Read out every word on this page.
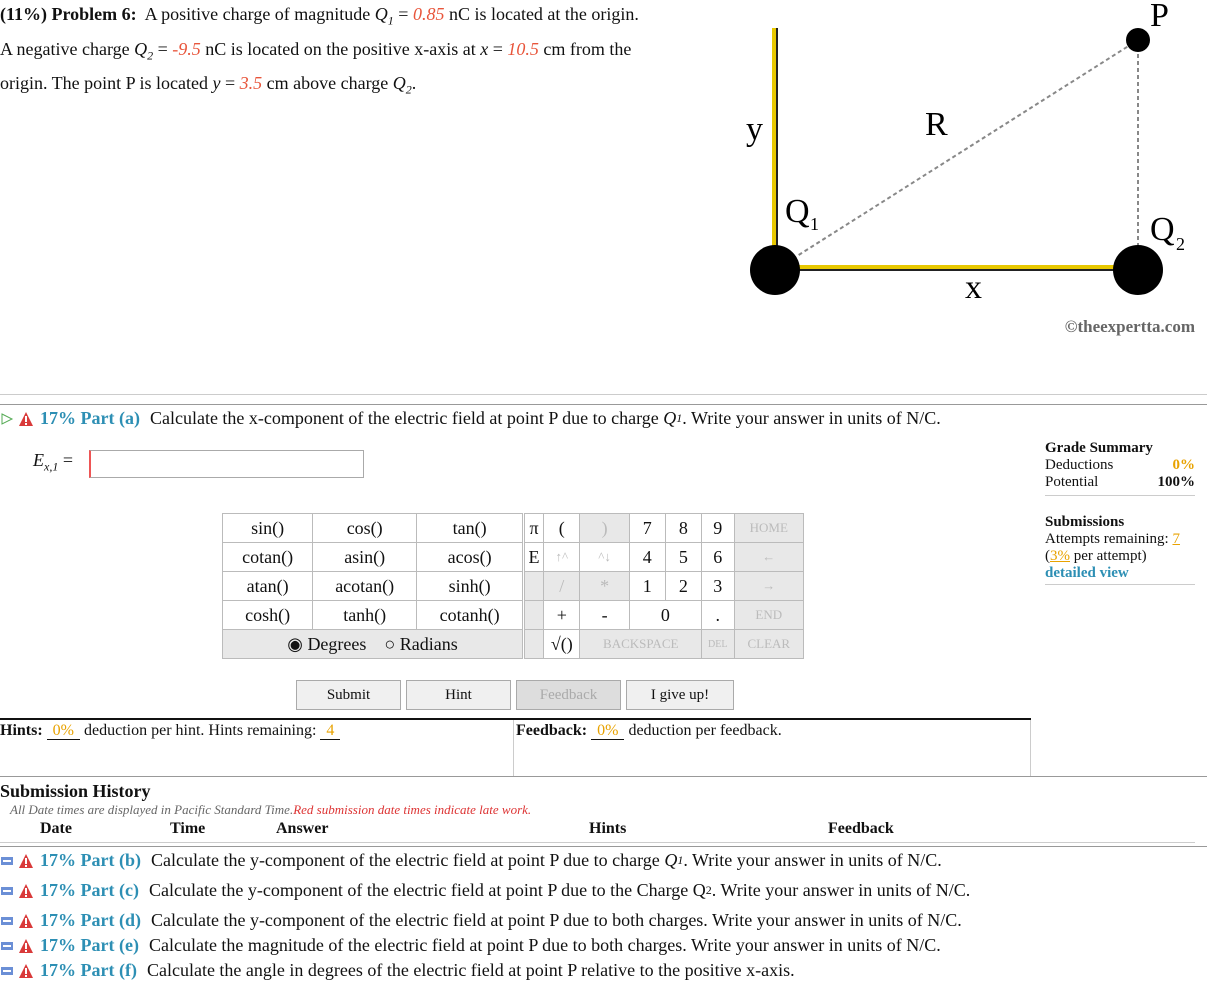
(11%) Problem 6: A positive charge of magnitude $Q_1 = 0.85$ nC is located at the origin.
A negative charge $Q_2 = -9.5$ nC is located on the positive x-axis at x = 10.5 cm from the
origin. The point P is located y = 3.5 cm above charge $Q_2$.
P
y	R
Q 1	Q 2
x
©theexpertta.com
17% Part (a) Calculate the x-component of the electric field at point P due to charge
Q 1 . Write your answer in units of N/C.
$E_{x,1}$ =
Grade Summary
Deductions	0%
Potential	100%
Submissions
Attempts remaining: 7
(3% per attempt)
detailed view
sin()	cos()	tan()
cotan()	asin()	acos()
atan()	acotan()	sinh()
cosh()	tanh()	cotanh()
◉ Degrees ○ Radians		
π	(	)	7	8	9	HOME
E	↑^	^↓	4	5	6	←
	/	*	1	2	3	→
	+	-	0		.	END
	√()	BACKSPACE			DEL	CLEAR
Submit	Hint	Feedback	I give up!
Hints: 0% deduction per hint. Hints remaining: 4	Feedback: 0% deduction per feedback.
Submission History
All Date times are displayed in Pacific Standard Time.Red submission date times indicate late work.
Date	Time	Answer	Hints	Feedback
17% Part (b) Calculate the y-component of the electric field at point P due to charge
Q 1 . Write your answer in units of N/C.
17% Part (c) Calculate the y-component of the electric field at point P due to the Charge Q 2 . Write your answer in units of N/C.
17% Part (d) Calculate the y-component of the electric field at point P due to both charges. Write your answer in units of N/C.
17% Part (e) Calculate the magnitude of the electric field at point P due to both charges. Write your answer in units of N/C.
17% Part (f) Calculate the angle in degrees of the electric field at point P relative to the positive x-axis.
